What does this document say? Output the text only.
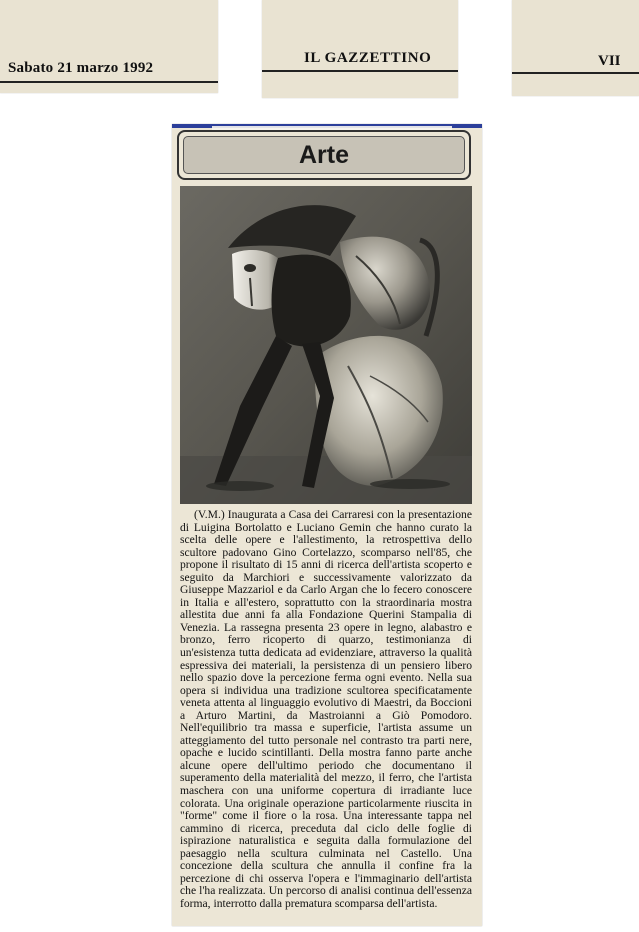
Sabato 21 marzo 1992
IL GAZZETTINO	VII
Arte

(V.M.) Inaugurata a Casa dei Carraresi con la presentazione di Luigina Bortolatto e Luciano Gemin che hanno curato la scelta delle opere e l'allestimento, la retrospettiva dello scultore padovano Gino Cortelazzo, scomparso nell'85, che propone il risultato di 15 anni di ricerca dell'artista scoperto e seguito da Marchiori e successivamente valorizzato da Giuseppe Mazzariol e da Carlo Argan che lo fecero conoscere in Italia e all'estero, soprattutto con la straordinaria mostra allestita due anni fa alla Fondazione Querini Stampalia di Venezia. La rassegna presenta 23 opere in legno, alabastro e bronzo, ferro ricoperto di quarzo, testimonianza di un'esistenza tutta dedicata ad evidenziare, attraverso la qualità espressiva dei materiali, la persistenza di un pensiero libero nello spazio dove la percezione ferma ogni evento. Nella sua opera si individua una tradizione scultorea specificatamente veneta attenta al linguaggio evolutivo di Maestri, da Boccioni a Arturo Martini, da Mastroianni a Giò Pomodoro. Nell'equilibrio tra massa e superficie, l'artista assume un atteggiamento del tutto personale nel contrasto tra parti nere, opache e lucido scintillanti. Della mostra fanno parte anche alcune opere dell'ultimo periodo che documentano il superamento della materialità del mezzo, il ferro, che l'artista maschera con una uniforme copertura di irradiante luce colorata. Una originale operazione particolarmente riuscita in "forme" come il fiore o la rosa. Una interessante tappa nel cammino di ricerca, preceduta dal ciclo delle foglie di ispirazione naturalistica e seguita dalla formulazione del paesaggio nella scultura culminata nel Castello. Una concezione della scultura che annulla il confine fra la percezione di chi osserva l'opera e l'immaginario dell'artista che l'ha realizzata. Un percorso di analisi continua dell'essenza forma, interrotto dalla prematura scomparsa dell'artista.
